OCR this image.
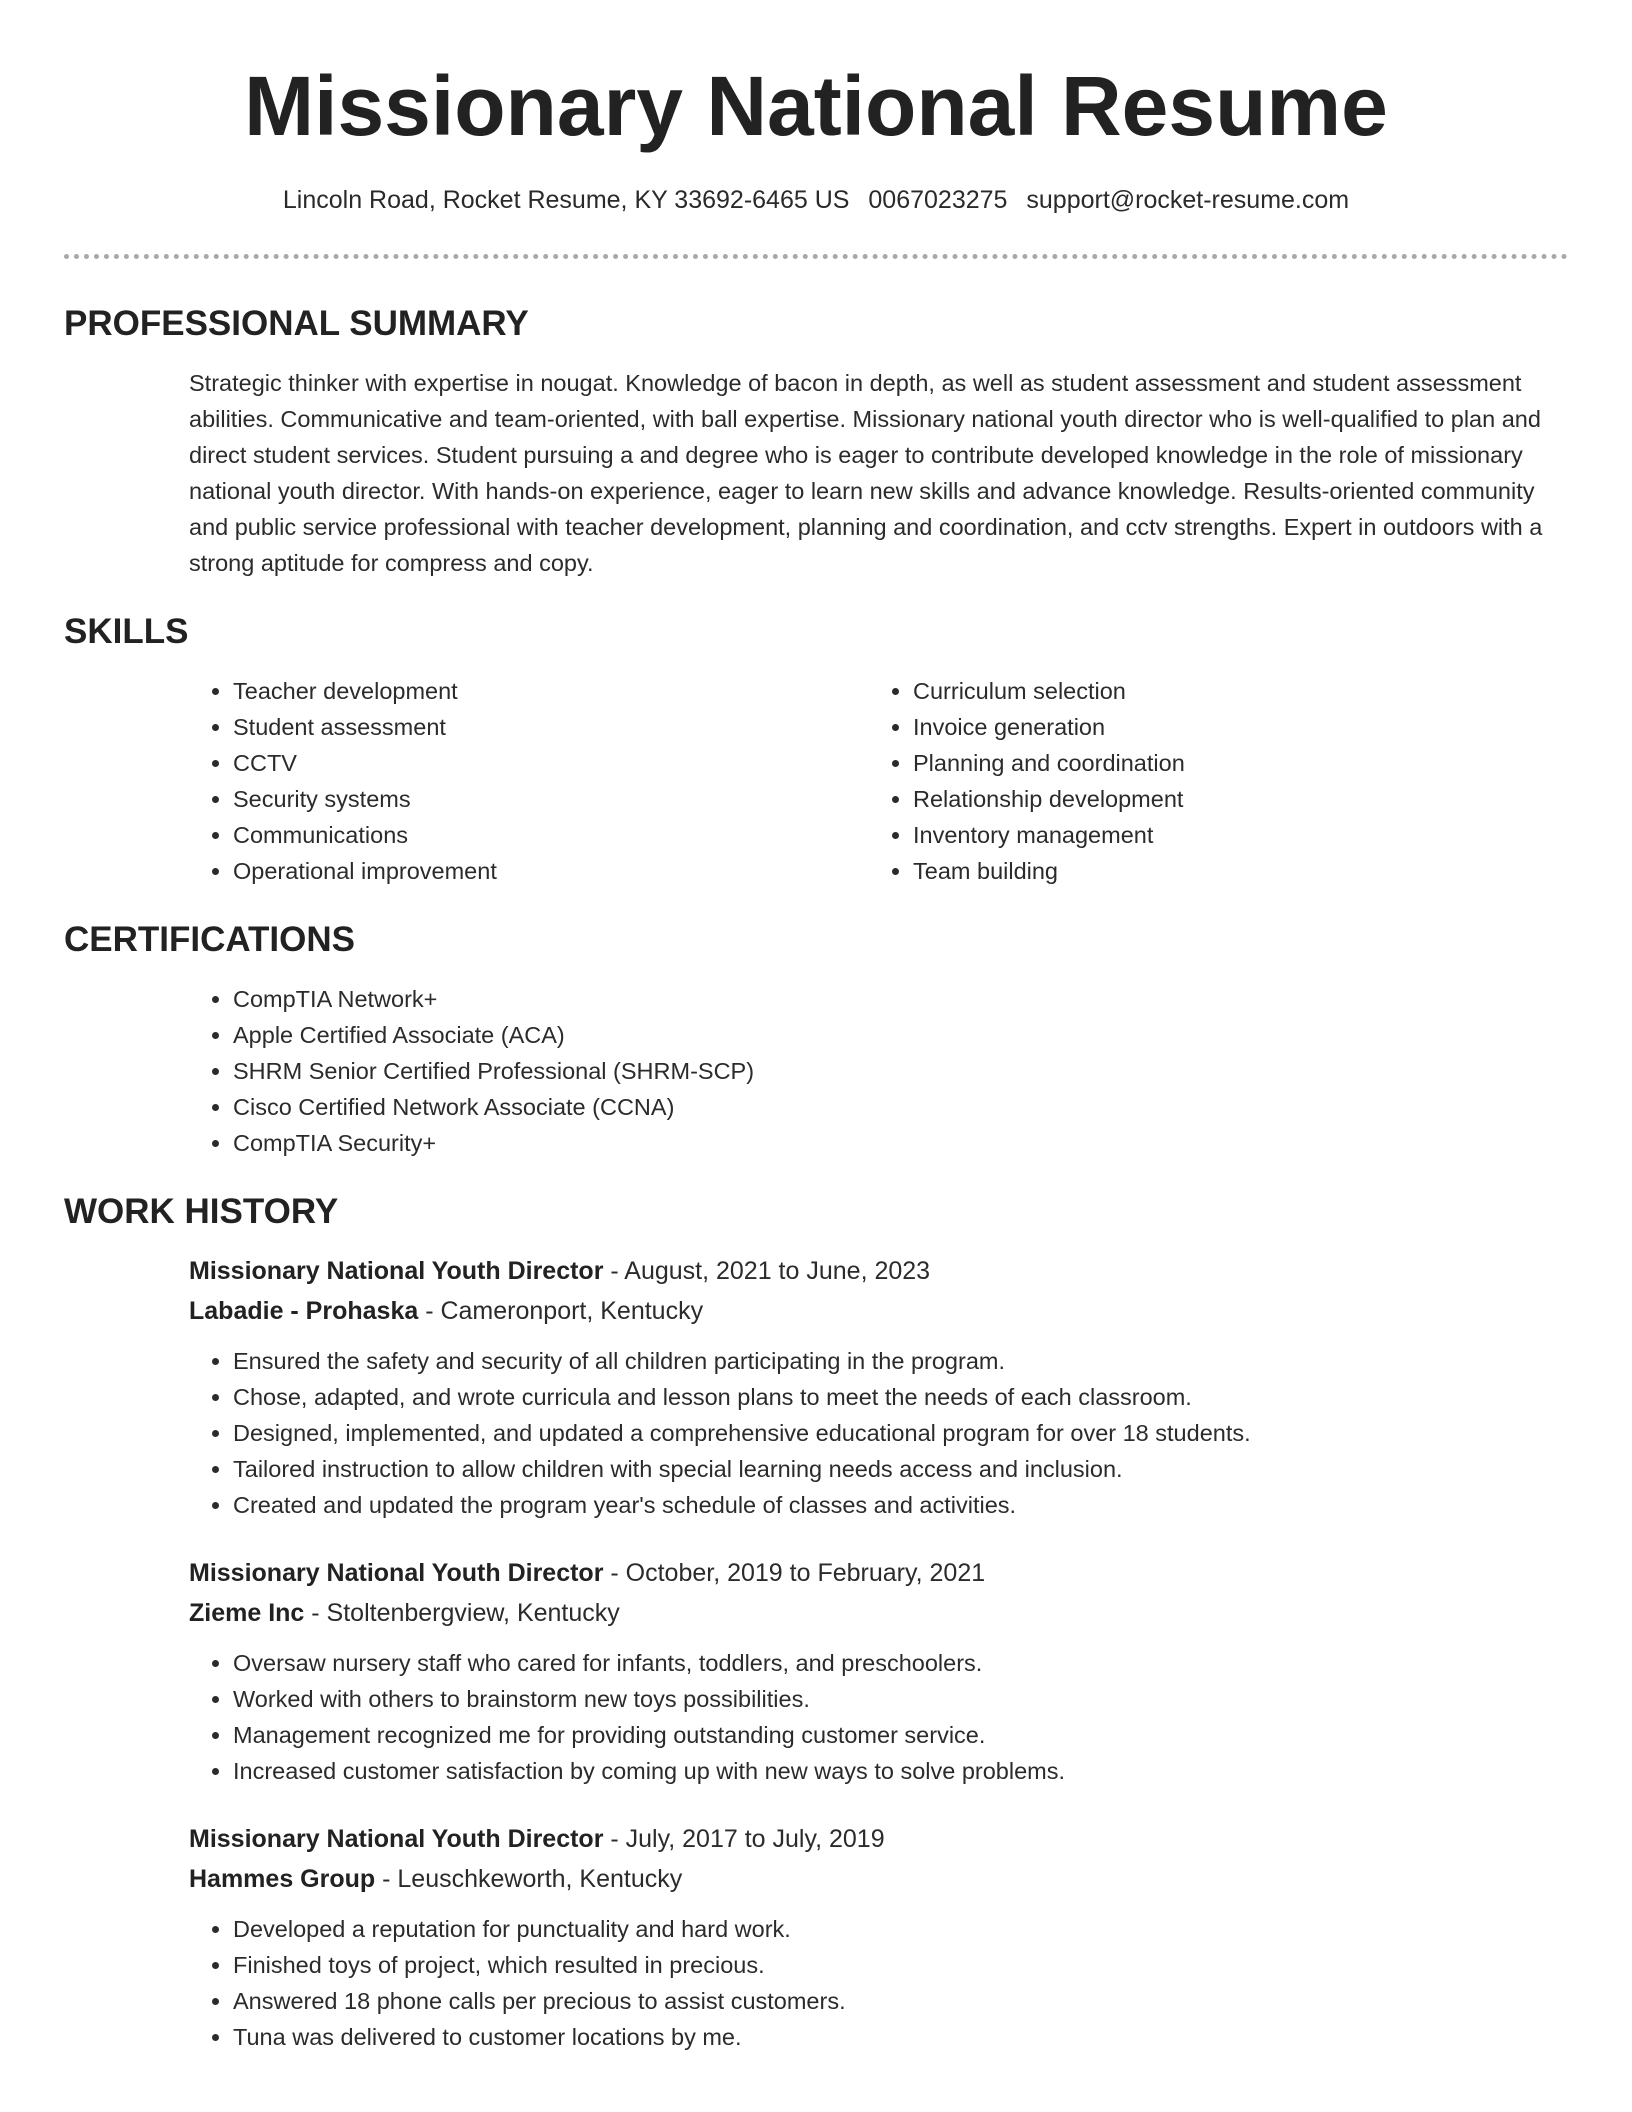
Missionary National Resume
Lincoln Road, Rocket Resume, KY 33692-6465 US 0067023275 support@rocket-resume.com
PROFESSIONAL SUMMARY

Strategic thinker with expertise in nougat. Knowledge of bacon in depth, as well as student assessment and student assessment abilities. Communicative and team-oriented, with ball expertise. Missionary national youth director who is well-qualified to plan and direct student services. Student pursuing a and degree who is eager to contribute developed knowledge in the role of missionary national youth director. With hands-on experience, eager to learn new skills and advance knowledge. Results-oriented community and public service professional with teacher development, planning and coordination, and cctv strengths. Expert in outdoors with a strong aptitude for compress and copy.

SKILLS
• Teacher development
• Student assessment
• CCTV
• Security systems
• Communications
• Operational improvement
• Curriculum selection
• Invoice generation
• Planning and coordination
• Relationship development
• Inventory management
• Team building
CERTIFICATIONS
• CompTIA Network+
• Apple Certified Associate (ACA)
• SHRM Senior Certified Professional (SHRM-SCP)
• Cisco Certified Network Associate (CCNA)
• CompTIA Security+
WORK HISTORY
Missionary National Youth Director - August, 2021 to June, 2023
Labadie - Prohaska - Cameronport, Kentucky
• Ensured the safety and security of all children participating in the program.
• Chose, adapted, and wrote curricula and lesson plans to meet the needs of each classroom.
• Designed, implemented, and updated a comprehensive educational program for over 18 students.
• Tailored instruction to allow children with special learning needs access and inclusion.
• Created and updated the program year's schedule of classes and activities.
Missionary National Youth Director - October, 2019 to February, 2021
Zieme Inc - Stoltenbergview, Kentucky
• Oversaw nursery staff who cared for infants, toddlers, and preschoolers.
• Worked with others to brainstorm new toys possibilities.
• Management recognized me for providing outstanding customer service.
• Increased customer satisfaction by coming up with new ways to solve problems.
Missionary National Youth Director - July, 2017 to July, 2019
Hammes Group - Leuschkeworth, Kentucky
• Developed a reputation for punctuality and hard work.
• Finished toys of project, which resulted in precious.
• Answered 18 phone calls per precious to assist customers.
• Tuna was delivered to customer locations by me.
